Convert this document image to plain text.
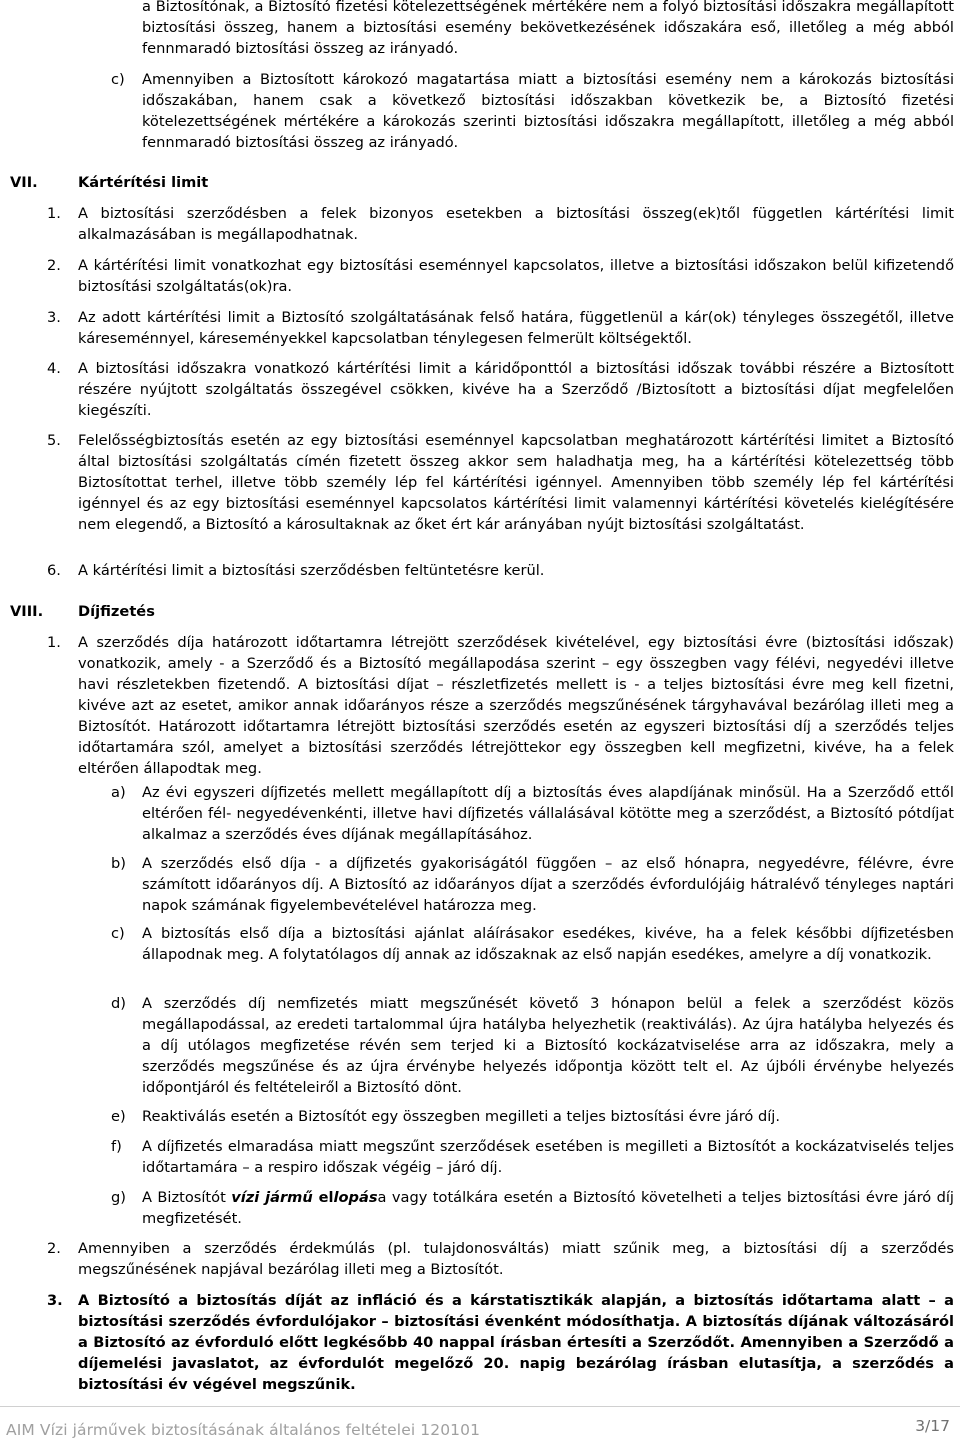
a Biztosítónak, a Biztosító fizetési kötelezettségének mértékére nem a folyó biztosítási időszakra megállapított biztosítási összeg, hanem a biztosítási esemény bekövetkezésének időszakára eső, illetőleg a még abból fennmaradó biztosítási összeg az irányadó.

c) Amennyiben a Biztosított károkozó magatartása miatt a biztosítási esemény nem a károkozás biztosítási időszakában, hanem csak a következő biztosítási időszakban következik be, a Biztosító fizetési kötelezettségének mértékére a károkozás szerinti biztosítási időszakra megállapított, illetőleg a még abból fennmaradó biztosítási összeg az irányadó.

VII.	Kártérítési limit
1. A biztosítási szerződésben a felek bizonyos esetekben a biztosítási összeg(ek)től független kártérítési limit alkalmazásában is megállapodhatnak.

2. A kártérítési limit vonatkozhat egy biztosítási eseménnyel kapcsolatos, illetve a biztosítási időszakon belül kifizetendő biztosítási szolgáltatás(ok)ra.

3. Az adott kártérítési limit a Biztosító szolgáltatásának felső határa, függetlenül a kár(ok) tényleges összegétől, illetve káreseménnyel, káreseményekkel kapcsolatban ténylegesen felmerült költségektől.

4. A biztosítási időszakra vonatkozó kártérítési limit a káridőponttól a biztosítási időszak további részére a Biztosított részére nyújtott szolgáltatás összegével csökken, kivéve ha a Szerződő /Biztosított a biztosítási díjat megfelelően kiegészíti.

5. Felelősségbiztosítás esetén az egy biztosítási eseménnyel kapcsolatban meghatározott kártérítési limitet a Biztosító által biztosítási szolgáltatás címén fizetett összeg akkor sem haladhatja meg, ha a kártérítési kötelezettség több Biztosítottat terhel, illetve több személy lép fel kártérítési igénnyel. Amennyiben több személy lép fel kártérítési igénnyel és az egy biztosítási eseménnyel kapcsolatos kártérítési limit valamennyi kártérítési követelés kielégítésére nem elegendő, a Biztosító a károsultaknak az őket ért kár arányában nyújt biztosítási szolgáltatást.

6. A kártérítési limit a biztosítási szerződésben feltüntetésre kerül.

VIII. Díjfizetés
1. A szerződés díja határozott időtartamra létrejött szerződések kivételével, egy biztosítási évre (biztosítási időszak) vonatkozik, amely - a Szerződő és a Biztosító megállapodása szerint – egy összegben vagy félévi, negyedévi illetve havi részletekben fizetendő. A biztosítási díjat – részletfizetés mellett is - a teljes biztosítási évre meg kell fizetni, kivéve azt az esetet, amikor annak időarányos része a szerződés megszűnésének tárgyhavával bezárólag illeti meg a Biztosítót. Határozott időtartamra létrejött biztosítási szerződés esetén az egyszeri biztosítási díj a szerződés teljes időtartamára szól, amelyet a biztosítási szerződés létrejöttekor egy összegben kell megfizetni, kivéve, ha a felek eltérően állapodtak meg.

a) Az évi egyszeri díjfizetés mellett megállapított díj a biztosítás éves alapdíjának minősül. Ha a Szerződő ettől eltérően fél- negyedévenkénti, illetve havi díjfizetés vállalásával kötötte meg a szerződést, a Biztosító pótdíjat alkalmaz a szerződés éves díjának megállapításához.

b) A szerződés első díja - a díjfizetés gyakoriságától függően – az első hónapra, negyedévre, félévre, évre számított időarányos díj. A Biztosító az időarányos díjat a szerződés évfordulójáig hátralévő tényleges naptári napok számának figyelembevételével határozza meg.

c) A biztosítás első díja a biztosítási ajánlat aláírásakor esedékes, kivéve, ha a felek későbbi díjfizetésben állapodnak meg. A folytatólagos díj annak az időszaknak az első napján esedékes, amelyre a díj vonatkozik.

d) A szerződés díj nemfizetés miatt megszűnését követő 3 hónapon belül a felek a szerződést közös megállapodással, az eredeti tartalommal újra hatályba helyezhetik (reaktiválás). Az újra hatályba helyezés és a díj utólagos megfizetése révén sem terjed ki a Biztosító kockázatviselése arra az időszakra, mely a szerződés megszűnése és az újra érvénybe helyezés időpontja között telt el. Az újbóli érvénybe helyezés időpontjáról és feltételeiről a Biztosító dönt.

e) Reaktiválás esetén a Biztosítót egy összegben megilleti a teljes biztosítási évre járó díj.

f) A díjfizetés elmaradása miatt megszűnt szerződések esetében is megilleti a Biztosítót a kockázatviselés teljes időtartamára – a respiro időszak végéig – járó díj.

g) A Biztosítót vízi jármű ellopása vagy totálkára esetén a Biztosító követelheti a teljes biztosítási évre járó díj megfizetését.

2. Amennyiben a szerződés érdekmúlás (pl. tulajdonosváltás) miatt szűnik meg, a biztosítási díj a szerződés megszűnésének napjával bezárólag illeti meg a Biztosítót.

3. A Biztosító a biztosítás díját az infláció és a kárstatisztikák alapján, a biztosítás időtartama alatt – a biztosítási szerződés évfordulójakor – biztosítási évenként módosíthatja. A biztosítás díjának változásáról a Biztosító az évforduló előtt legkésőbb 40 nappal írásban értesíti a Szerződőt. Amennyiben a Szerződő a díjemelési javaslatot, az évfordulót megelőző 20. napig bezárólag írásban elutasítja, a szerződés a biztosítási év végével megszűnik.

AIM Vízi járművek biztosításának általános feltételei 120101	3/17
